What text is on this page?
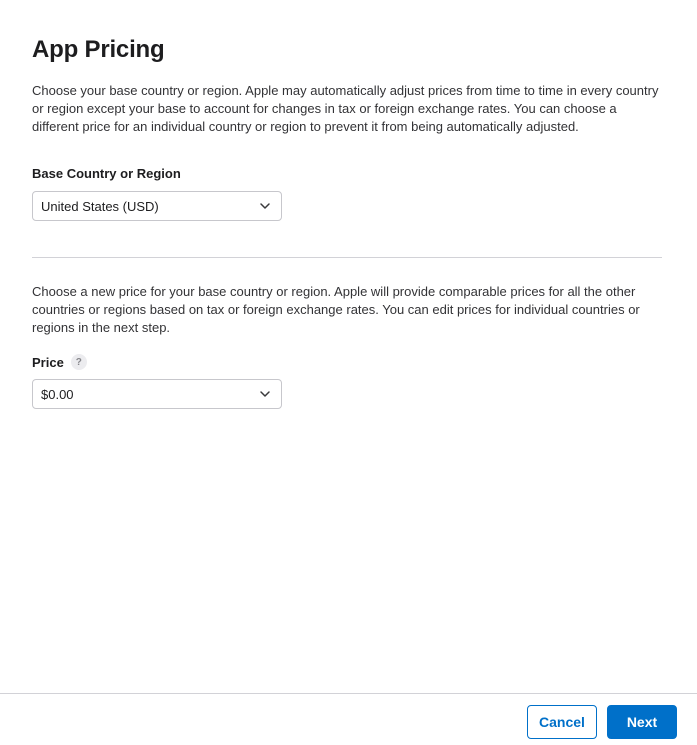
App Pricing

Choose your base country or region. Apple may automatically adjust prices from time to time in every country or region except your base to account for changes in tax or foreign exchange rates. You can choose a different price for an individual country or region to prevent it from being automatically adjusted.

Base Country or Region
United States (USD)

Choose a new price for your base country or region. Apple will provide comparable prices for all the other countries or regions based on tax or foreign exchange rates. You can edit prices for individual countries or regions in the next step.

Price	?
$0.00
Cancel	Next
